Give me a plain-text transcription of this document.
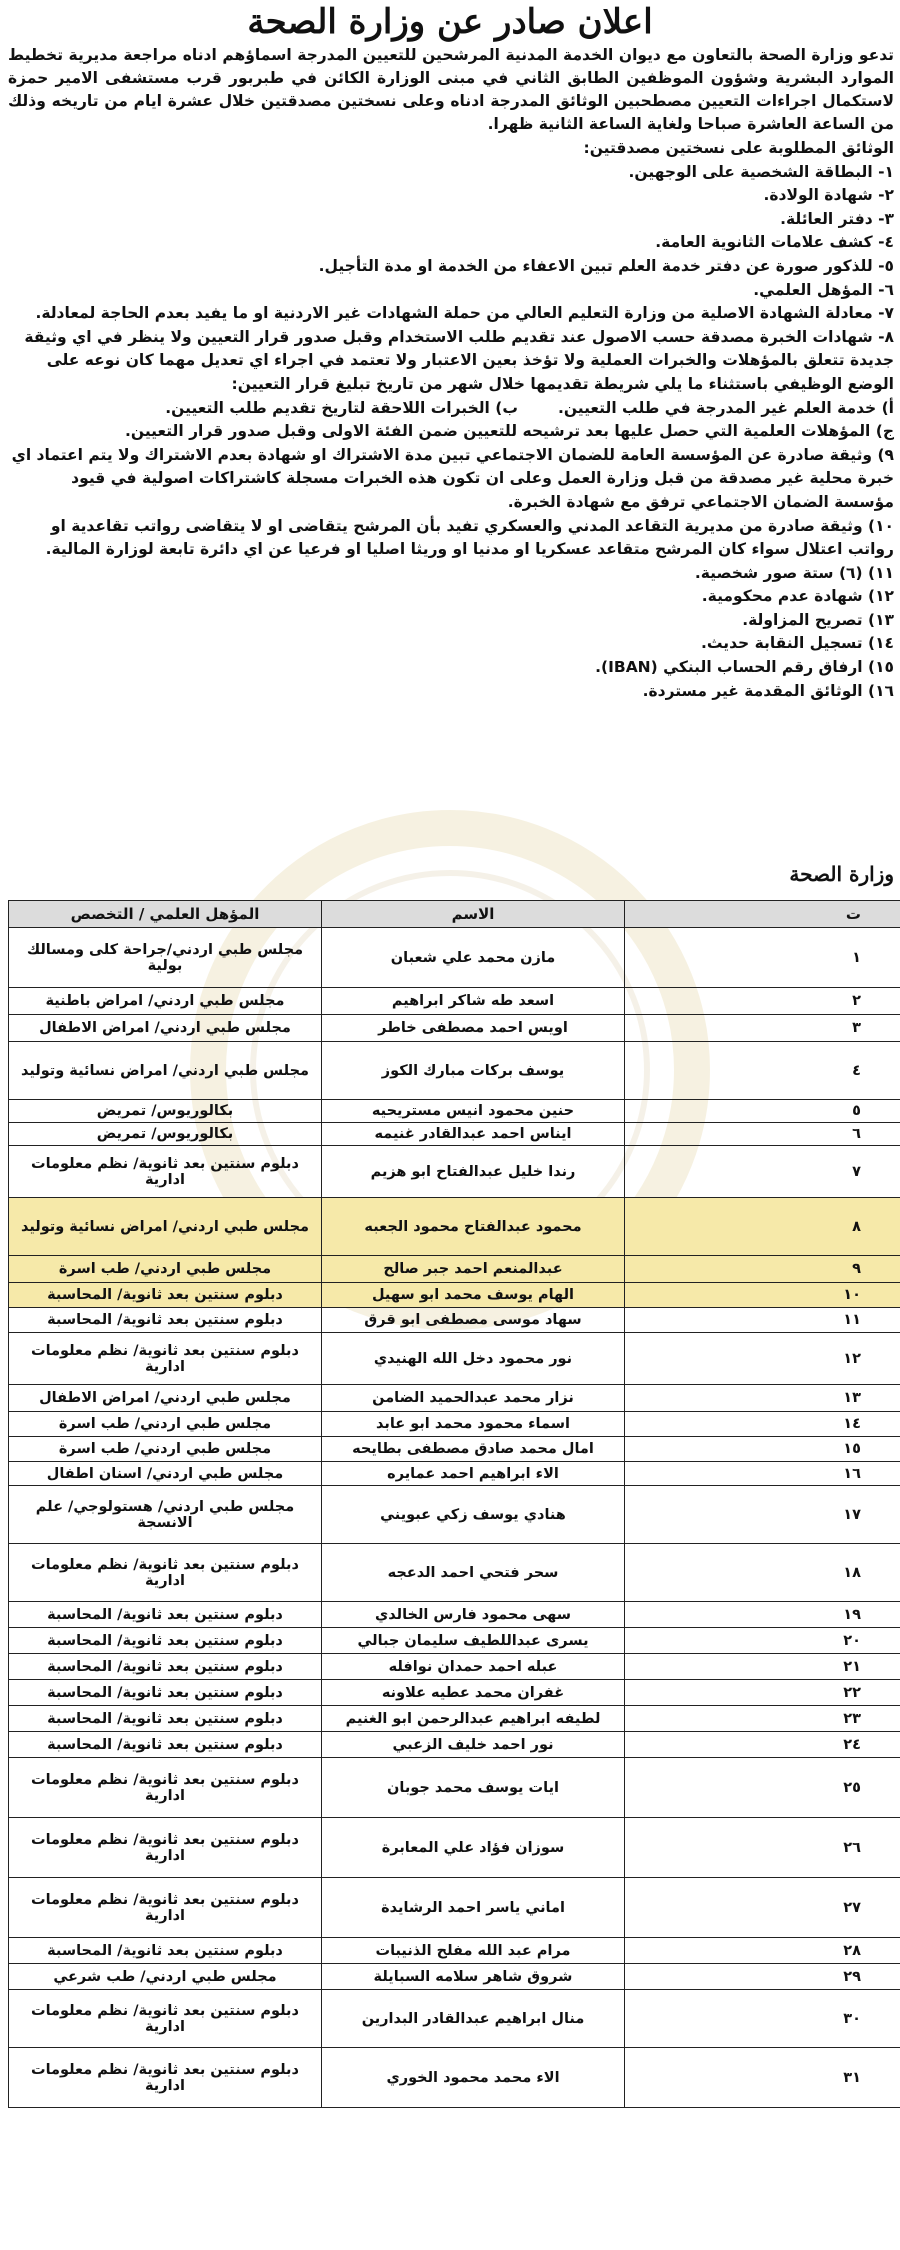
اعلان صادر عن وزارة الصحة

تدعو وزارة الصحة بالتعاون مع ديوان الخدمة المدنية المرشحين للتعيين المدرجة اسماؤهم ادناه مراجعة مديرية تخطيط الموارد البشرية وشؤون الموظفين الطابق الثاني في مبنى الوزارة الكائن في طبربور قرب مستشفى الامير حمزة لاستكمال اجراءات التعيين مصطحبين الوثائق المدرجة ادناه وعلى نسختين مصدقتين خلال عشرة ايام من تاريخه وذلك من الساعة العاشرة صباحا ولغاية الساعة الثانية ظهرا.

الوثائق المطلوبة على نسختين مصدقتين:
١- البطاقة الشخصية على الوجهين.
٢- شهادة الولادة.
٣- دفتر العائلة.
٤- كشف علامات الثانوية العامة.
٥- للذكور صورة عن دفتر خدمة العلم تبين الاعفاء من الخدمة او مدة التأجيل.
٦- المؤهل العلمي.
٧- معادلة الشهادة الاصلية من وزارة التعليم العالي من حملة الشهادات غير الاردنية او ما يفيد بعدم الحاجة لمعادلة.
٨- شهادات الخبرة مصدقة حسب الاصول عند تقديم طلب الاستخدام وقبل صدور قرار التعيين ولا ينظر في اي وثيقة جديدة تتعلق بالمؤهلات والخبرات العملية ولا تؤخذ بعين الاعتبار ولا تعتمد في اجراء اي تعديل مهما كان نوعه على الوضع الوظيفي باستثناء ما يلي شريطة تقديمها خلال شهر من تاريخ تبليغ قرار التعيين:
أ) خدمة العلم غير المدرجة في طلب التعيين.
ب) الخبرات اللاحقة لتاريخ تقديم طلب التعيين.
ج) المؤهلات العلمية التي حصل عليها بعد ترشيحه للتعيين ضمن الفئة الاولى وقبل صدور قرار التعيين.
٩) وثيقة صادرة عن المؤسسة العامة للضمان الاجتماعي تبين مدة الاشتراك او شهادة بعدم الاشتراك ولا يتم اعتماد اي خبرة محلية غير مصدقة من قبل وزارة العمل وعلى ان تكون هذه الخبرات مسجلة كاشتراكات اصولية في قيود مؤسسة الضمان الاجتماعي ترفق مع شهادة الخبرة.
١٠) وثيقة صادرة من مديرية التقاعد المدني والعسكري تفيد بأن المرشح يتقاضى او لا يتقاضى رواتب تقاعدية او رواتب اعتلال سواء كان المرشح متقاعد عسكريا او مدنيا او وريثا اصليا او فرعيا عن اي دائرة تابعة لوزارة المالية.
١١) (٦) ستة صور شخصية.
١٢) شهادة عدم محكومية.
١٣) تصريح المزاولة.
١٤) تسجيل النقابة حديث.
١٥) ارفاق رقم الحساب البنكي (IBAN).
١٦) الوثائق المقدمة غير مستردة.
وزارة الصحة
ت	الاسم	المؤهل العلمي / التخصص
١	مازن محمد علي شعبان	مجلس طبي اردني/جراحة كلى ومسالك بولية
٢	اسعد طه شاكر ابراهيم	مجلس طبي اردني/ امراض باطنية
٣	اويس احمد مصطفى خاطر	مجلس طبي اردني/ امراض الاطفال
٤	يوسف بركات مبارك الكوز	مجلس طبي اردني/ امراض نسائية وتوليد
٥	حنين محمود انيس مستريحيه	بكالوريوس/ تمريض
٦	ايناس احمد عبدالقادر غنيمه	بكالوريوس/ تمريض
٧	رندا خليل عبدالفتاح ابو هزيم	دبلوم سنتين بعد ثانوية/ نظم معلومات ادارية
٨	محمود عبدالفتاح محمود الجعبه	مجلس طبي اردني/ امراض نسائية وتوليد
٩	عبدالمنعم احمد جبر صالح	مجلس طبي اردني/ طب اسرة
١٠	الهام يوسف محمد ابو سهيل	دبلوم سنتين بعد ثانوية/ المحاسبة
١١	سهاد موسى مصطفى ابو قرق	دبلوم سنتين بعد ثانوية/ المحاسبة
١٢	نور محمود دخل الله الهنيدي	دبلوم سنتين بعد ثانوية/ نظم معلومات ادارية
١٣	نزار محمد عبدالحميد الضامن	مجلس طبي اردني/ امراض الاطفال
١٤	اسماء محمود محمد ابو عابد	مجلس طبي اردني/ طب اسرة
١٥	امال محمد صادق مصطفى بطايحه	مجلس طبي اردني/ طب اسرة
١٦	الاء ابراهيم احمد عمايره	مجلس طبي اردني/ اسنان اطفال
١٧	هنادي يوسف زكي عبويني	مجلس طبي اردني/ هستولوجي/ علم الانسجة
١٨	سحر فتحي احمد الدعجه	دبلوم سنتين بعد ثانوية/ نظم معلومات ادارية
١٩	سهى محمود فارس الخالدي	دبلوم سنتين بعد ثانوية/ المحاسبة
٢٠	يسرى عبداللطيف سليمان جبالي	دبلوم سنتين بعد ثانوية/ المحاسبة
٢١	عبله احمد حمدان نوافله	دبلوم سنتين بعد ثانوية/ المحاسبة
٢٢	غفران محمد عطيه علاونه	دبلوم سنتين بعد ثانوية/ المحاسبة
٢٣	لطيفه ابراهيم عبدالرحمن ابو الغنيم	دبلوم سنتين بعد ثانوية/ المحاسبة
٢٤	نور احمد خليف الزعبي	دبلوم سنتين بعد ثانوية/ المحاسبة
٢٥	ايات يوسف محمد جوبان	دبلوم سنتين بعد ثانوية/ نظم معلومات ادارية
٢٦	سوزان فؤاد علي المعابرة	دبلوم سنتين بعد ثانوية/ نظم معلومات ادارية
٢٧	اماني ياسر احمد الرشايدة	دبلوم سنتين بعد ثانوية/ نظم معلومات ادارية
٢٨	مرام عبد الله مفلح الذنيبات	دبلوم سنتين بعد ثانوية/ المحاسبة
٢٩	شروق شاهر سلامه السبايلة	مجلس طبي اردني/ طب شرعي
٣٠	منال ابراهيم عبدالقادر البدارين	دبلوم سنتين بعد ثانوية/ نظم معلومات ادارية
٣١	الاء محمد محمود الخوري	دبلوم سنتين بعد ثانوية/ نظم معلومات ادارية
